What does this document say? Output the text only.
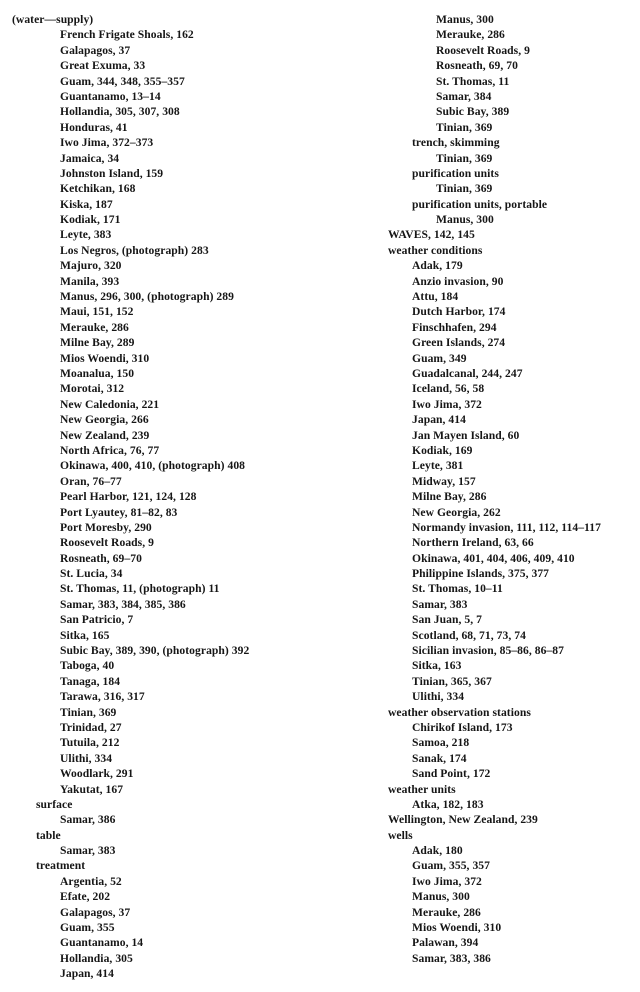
(water—supply)
French Frigate Shoals, 162
Galapagos, 37
Great Exuma, 33
Guam, 344, 348, 355–357
Guantanamo, 13–14
Hollandia, 305, 307, 308
Honduras, 41
Iwo Jima, 372–373
Jamaica, 34
Johnston Island, 159
Ketchikan, 168
Kiska, 187
Kodiak, 171
Leyte, 383
Los Negros, (photograph) 283
Majuro, 320
Manila, 393
Manus, 296, 300, (photograph) 289
Maui, 151, 152
Merauke, 286
Milne Bay, 289
Mios Woendi, 310
Moanalua, 150
Morotai, 312
New Caledonia, 221
New Georgia, 266
New Zealand, 239
North Africa, 76, 77
Okinawa, 400, 410, (photograph) 408
Oran, 76–77
Pearl Harbor, 121, 124, 128
Port Lyautey, 81–82, 83
Port Moresby, 290
Roosevelt Roads, 9
Rosneath, 69–70
St. Lucia, 34
St. Thomas, 11, (photograph) 11
Samar, 383, 384, 385, 386
San Patricio, 7
Sitka, 165
Subic Bay, 389, 390, (photograph) 392
Taboga, 40
Tanaga, 184
Tarawa, 316, 317
Tinian, 369
Trinidad, 27
Tutuila, 212
Ulithi, 334
Woodlark, 291
Yakutat, 167
surface
Samar, 386
table
Samar, 383
treatment
Argentia, 52
Efate, 202
Galapagos, 37
Guam, 355
Guantanamo, 14
Hollandia, 305
Japan, 414
Manus, 300
Merauke, 286
Roosevelt Roads, 9
Rosneath, 69, 70
St. Thomas, 11
Samar, 384
Subic Bay, 389
Tinian, 369
trench, skimming
Tinian, 369
purification units
Tinian, 369
purification units, portable
Manus, 300
WAVES, 142, 145
weather conditions
Adak, 179
Anzio invasion, 90
Attu, 184
Dutch Harbor, 174
Finschhafen, 294
Green Islands, 274
Guam, 349
Guadalcanal, 244, 247
Iceland, 56, 58
Iwo Jima, 372
Japan, 414
Jan Mayen Island, 60
Kodiak, 169
Leyte, 381
Midway, 157
Milne Bay, 286
New Georgia, 262
Normandy invasion, 111, 112, 114–117
Northern Ireland, 63, 66
Okinawa, 401, 404, 406, 409, 410
Philippine Islands, 375, 377
St. Thomas, 10–11
Samar, 383
San Juan, 5, 7
Scotland, 68, 71, 73, 74
Sicilian invasion, 85–86, 86–87
Sitka, 163
Tinian, 365, 367
Ulithi, 334
weather observation stations
Chirikof Island, 173
Samoa, 218
Sanak, 174
Sand Point, 172
weather units
Atka, 182, 183
Wellington, New Zealand, 239
wells
Adak, 180
Guam, 355, 357
Iwo Jima, 372
Manus, 300
Merauke, 286
Mios Woendi, 310
Palawan, 394
Samar, 383, 386
